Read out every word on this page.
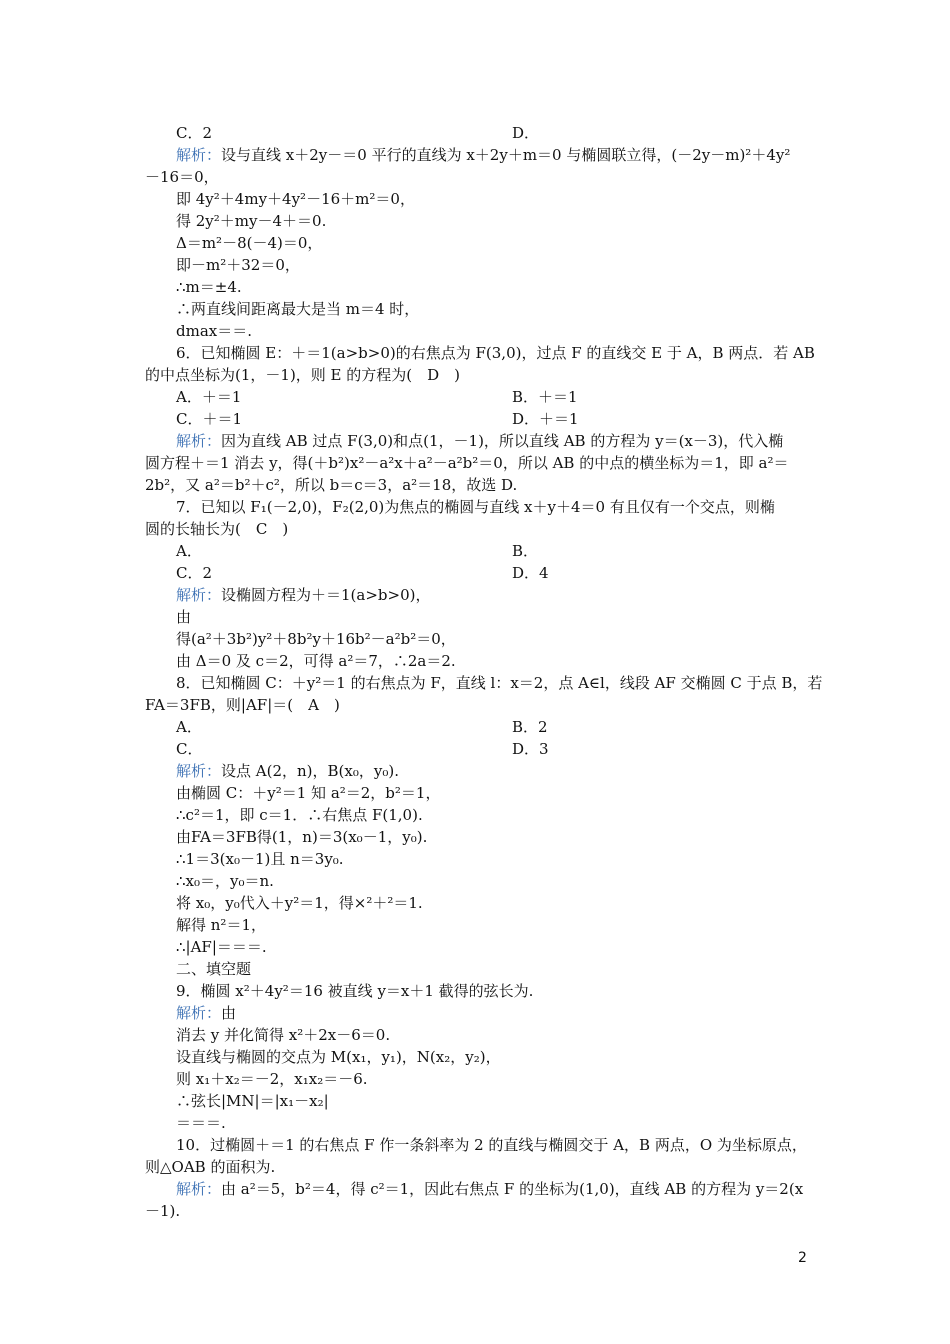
C．2	D．
解析：设与直线 x＋2y－＝0 平行的直线为 x＋2y＋m＝0 与椭圆联立得，(－2y－m)²＋4y²
－16＝0，
即 4y²＋4my＋4y²－16＋m²＝0，
得 2y²＋my－4＋＝0.
Δ＝m²－8(－4)＝0，
即－m²＋32＝0，
∴m＝±4.
∴两直线间距离最大是当 m＝4 时，
dmax＝＝.
6．已知椭圆 E：＋＝1(a>b>0)的右焦点为 F(3,0)，过点 F 的直线交 E 于 A，B 两点．若 AB
的中点坐标为(1，－1)，则 E 的方程为(　D　)
A．＋＝1	B．＋＝1
C．＋＝1	D．＋＝1
解析：因为直线 AB 过点 F(3,0)和点(1，－1)，所以直线 AB 的方程为 y＝(x－3)，代入椭
圆方程＋＝1 消去 y，得(＋b²)x²－a²x＋a²－a²b²＝0，所以 AB 的中点的横坐标为＝1，即 a²＝
2b²，又 a²＝b²＋c²，所以 b＝c＝3，a²＝18，故选 D.
7．已知以 F₁(－2,0)，F₂(2,0)为焦点的椭圆与直线 x＋y＋4＝0 有且仅有一个交点，则椭
圆的长轴长为(　C　)
A．	B．
C．2	D．4
解析：设椭圆方程为＋＝1(a>b>0)，
由
得(a²＋3b²)y²＋8b²y＋16b²－a²b²＝0，
由 Δ＝0 及 c＝2，可得 a²＝7，∴2a＝2.
8．已知椭圆 C：＋y²＝1 的右焦点为 F，直线 l：x＝2，点 A∈l，线段 AF 交椭圆 C 于点 B，若
FA＝3FB，则|AF|＝(　A　)
A．	B．2
C．	D．3
解析：设点 A(2，n)，B(x₀，y₀).
由椭圆 C：＋y²＝1 知 a²＝2，b²＝1，
∴c²＝1，即 c＝1．∴右焦点 F(1,0).
由FA＝3FB得(1，n)＝3(x₀－1，y₀).
∴1＝3(x₀－1)且 n＝3y₀.
∴x₀＝，y₀＝n.
将 x₀，y₀代入＋y²＝1，得×²＋²＝1.
解得 n²＝1，
∴|AF|＝＝＝.
二、填空题
9．椭圆 x²＋4y²＝16 被直线 y＝x＋1 截得的弦长为.
解析：由
消去 y 并化简得 x²＋2x－6＝0.
设直线与椭圆的交点为 M(x₁，y₁)，N(x₂，y₂)，
则 x₁＋x₂＝－2，x₁x₂＝－6.
∴弦长|MN|＝|x₁－x₂|
＝＝＝.
10．过椭圆＋＝1 的右焦点 F 作一条斜率为 2 的直线与椭圆交于 A，B 两点，O 为坐标原点，
则△OAB 的面积为.
解析：由 a²＝5，b²＝4，得 c²＝1，因此右焦点 F 的坐标为(1,0)，直线 AB 的方程为 y＝2(x
－1).
2
